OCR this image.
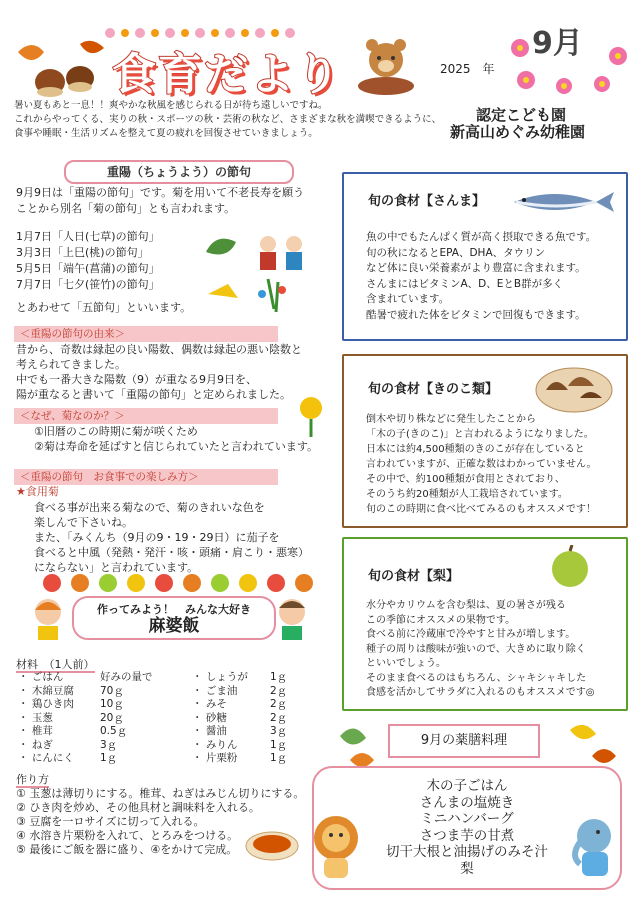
食育だより	2025　年
9月
認定こども園
新高山めぐみ幼稚園
暑い夏もあと一息！！爽やかな秋風を感じられる日が待ち遠しいですね。
これからやってくる、実りの秋・スポーツの秋・芸術の秋など、さまざまな秋を満喫できるように、
食事や睡眠・生活リズムを整えて夏の疲れを回復させていきましょう。
重陽（ちょうよう）の節句
9月9日は「重陽の節句」です。菊を用いて不老長寿を願う
ことから別名「菊の節句」とも言われます。
1月7日「人日(七草)の節句」
3月3日「上巳(桃)の節句」
5月5日「端午(菖蒲)の節句」
7月7日「七夕(笹竹)の節句」
とあわせて「五節句」といいます。
＜重陽の節句の由来＞
昔から、奇数は縁起の良い陽数、偶数は縁起の悪い陰数と
考えられてきました。
中でも一番大きな陽数（9）が重なる9月9日を、
陽が重なると書いて「重陽の節句」と定められました。
＜なぜ、菊なのか？＞
①旧暦のこの時期に菊が咲くため
②菊は寿命を延ばすと信じられていたと言われています。
＜重陽の節句　お食事での楽しみ方＞
★食用菊
食べる事が出来る菊なので、菊のきれいな色を
楽しんで下さいね。
また、「みくんち（9月の9・19・29日）に茄子を
食べると中風（発熱・発汗・咳・頭痛・肩こり・悪寒）
にならない」と言われています。
作ってみよう！　みんな大好き
麻婆飯
材料　（1人前）
・ ごはん	好みの量で
・ 木綿豆腐	70ｇ
・ 鶏ひき肉	10ｇ
・ 玉葱	20ｇ
・ 椎茸	0.5ｇ
・ ねぎ	3ｇ
・ にんにく	1ｇ
・ しょうが	1ｇ
・ ごま油	2ｇ
・ みそ	2ｇ
・ 砂糖	2ｇ
・ 醤油	3ｇ
・ みりん	1ｇ
・ 片栗粉	1ｇ
作り方
① 玉葱は薄切りにする。椎茸、ねぎはみじん切りにする。
② ひき肉を炒め、その他具材と調味料を入れる。
③ 豆腐を一ロサイズに切って入れる。
④ 水溶き片栗粉を入れて、とろみをつける。
⑤ 最後にご飯を器に盛り、④をかけて完成。
旬の食材【さんま】
魚の中でもたんぱく質が高く摂取できる魚です。
旬の秋になるとEPA、DHA、タウリン
など体に良い栄養素がより豊富に含まれます。
さんまにはビタミンA、D、EとB群が多く
含まれています。
酷暑で疲れた体をビタミンで回復もできます。
旬の食材【きのこ類】
倒木や切り株などに発生したことから
「木の子(きのこ)」と言われるようになりました。
日本には約4,500種類のきのこが存在していると
言われていますが、正確な数はわかっていません。
その中で、約100種類が食用とされており、
そのうち約20種類が人工栽培されています。
旬のこの時期に食べ比べてみるのもオススメです！
旬の食材【梨】
水分やカリウムを含む梨は、夏の暑さが残る
この季節にオススメの果物です。
食べる前に冷蔵庫で冷やすと甘みが増します。
種子の周りは酸味が強いので、大きめに取り除く
といいでしょう。
そのまま食べるのはもちろん、シャキシャキした
食感を活かしてサラダに入れるのもオススメです◎
9月の薬膳料理
木の子ごはん
さんまの塩焼き
ミニハンバーグ
さつま芋の甘煮
切干大根と油揚げのみそ汁
梨
